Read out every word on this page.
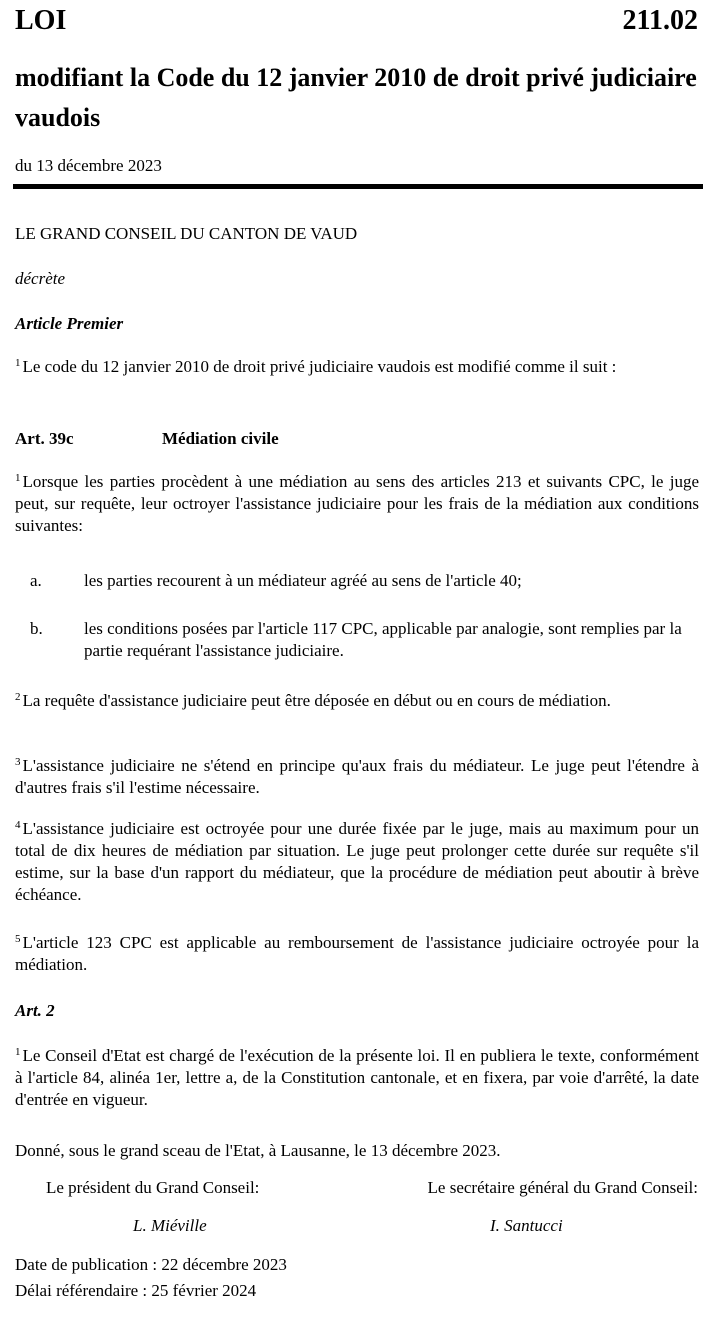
LOI	211.02
modifiant la Code du 12 janvier 2010 de droit privé judiciaire vaudois
du 13 décembre 2023
LE GRAND CONSEIL DU CANTON DE VAUD
décrète
Article Premier
$^1$ Le code du 12 janvier 2010 de droit privé judiciaire vaudois est modifié comme il suit :
Art. 39c	Médiation civile
$^1$ Lorsque les parties procèdent à une médiation au sens des articles 213 et suivants CPC, le juge peut, sur requête, leur octroyer l'assistance judiciaire pour les frais de la médiation aux conditions suivantes:
a. les parties recourent à un médiateur agréé au sens de l'article 40;
b. les conditions posées par l'article 117 CPC, applicable par analogie, sont remplies par la partie requérant l'assistance judiciaire.
$^2$ La requête d'assistance judiciaire peut être déposée en début ou en cours de médiation.
$^3$ L'assistance judiciaire ne s'étend en principe qu'aux frais du médiateur. Le juge peut l'étendre à d'autres frais s'il l'estime nécessaire.
$^4$ L'assistance judiciaire est octroyée pour une durée fixée par le juge, mais au maximum pour un total de dix heures de médiation par situation. Le juge peut prolonger cette durée sur requête s'il estime, sur la base d'un rapport du médiateur, que la procédure de médiation peut aboutir à brève échéance.
$^5$ L'article 123 CPC est applicable au remboursement de l'assistance judiciaire octroyée pour la médiation.
Art. 2
$^1$ Le Conseil d'Etat est chargé de l'exécution de la présente loi. Il en publiera le texte, conformément à l'article 84, alinéa 1er, lettre a, de la Constitution cantonale, et en fixera, par voie d'arrêté, la date d'entrée en vigueur.
Donné, sous le grand sceau de l'Etat, à Lausanne, le 13 décembre 2023.
Le président du Grand Conseil:	Le secrétaire général du Grand Conseil:
L. Miéville	I. Santucci
Date de publication : 22 décembre 2023
Délai référendaire : 25 février 2024
